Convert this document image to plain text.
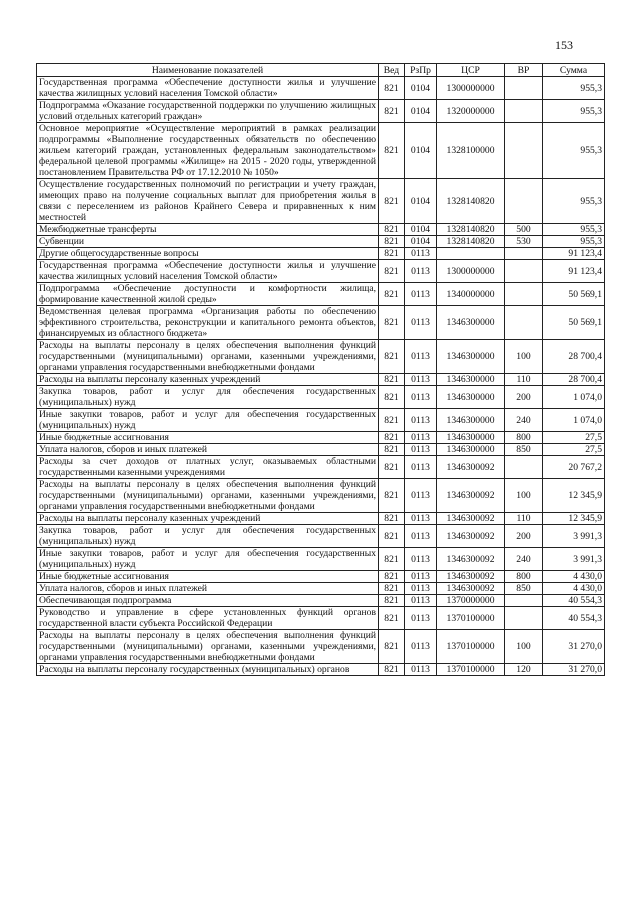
153
Наименование показателей	Вед	РзПр	ЦСР	ВР	Сумма
Государственная программа «Обеспечение доступности жилья и улучшение качества жилищных условий населения Томской области»	821	0104	1300000000		955,3
Подпрограмма «Оказание государственной поддержки по улучшению жилищных условий отдельных категорий граждан»	821	0104	1320000000		955,3
Основное мероприятие «Осуществление мероприятий в рамках реализации подпрограммы «Выполнение государственных обязательств по обеспечению жильем категорий граждан, установленных федеральным законодательством» федеральной целевой программы «Жилище» на 2015 - 2020 годы, утвержденной постановлением Правительства РФ от 17.12.2010 № 1050»	821	0104	1328100000		955,3
Осуществление государственных полномочий по регистрации и учету граждан, имеющих право на получение социальных выплат для приобретения жилья в связи с переселением из районов Крайнего Севера и приравненных к ним местностей	821	0104	1328140820		955,3
Межбюджетные трансферты	821	0104	1328140820	500	955,3
Субвенции	821	0104	1328140820	530	955,3
Другие общегосударственные вопросы	821	0113			91 123,4
Государственная программа «Обеспечение доступности жилья и улучшение качества жилищных условий населения Томской области»	821	0113	1300000000		91 123,4
Подпрограмма «Обеспечение доступности и комфортности жилища, формирование качественной жилой среды»	821	0113	1340000000		50 569,1
Ведомственная целевая программа «Организация работы по обеспечению эффективного строительства, реконструкции и капитального ремонта объектов, финансируемых из областного бюджета»	821	0113	1346300000		50 569,1
Расходы на выплаты персоналу в целях обеспечения выполнения функций государственными (муниципальными) органами, казенными учреждениями, органами управления государственными внебюджетными фондами	821	0113	1346300000	100	28 700,4
Расходы на выплаты персоналу казенных учреждений	821	0113	1346300000	110	28 700,4
Закупка товаров, работ и услуг для обеспечения государственных (муниципальных) нужд	821	0113	1346300000	200	1 074,0
Иные закупки товаров, работ и услуг для обеспечения государственных (муниципальных) нужд	821	0113	1346300000	240	1 074,0
Иные бюджетные ассигнования	821	0113	1346300000	800	27,5
Уплата налогов, сборов и иных платежей	821	0113	1346300000	850	27,5
Расходы за счет доходов от платных услуг, оказываемых областными государственными казенными учреждениями	821	0113	1346300092		20 767,2
Расходы на выплаты персоналу в целях обеспечения выполнения функций государственными (муниципальными) органами, казенными учреждениями, органами управления государственными внебюджетными фондами	821	0113	1346300092	100	12 345,9
Расходы на выплаты персоналу казенных учреждений	821	0113	1346300092	110	12 345,9
Закупка товаров, работ и услуг для обеспечения государственных (муниципальных) нужд	821	0113	1346300092	200	3 991,3
Иные закупки товаров, работ и услуг для обеспечения государственных (муниципальных) нужд	821	0113	1346300092	240	3 991,3
Иные бюджетные ассигнования	821	0113	1346300092	800	4 430,0
Уплата налогов, сборов и иных платежей	821	0113	1346300092	850	4 430,0
Обеспечивающая подпрограмма	821	0113	1370000000		40 554,3
Руководство и управление в сфере установленных функций органов государственной власти субъекта Российской Федерации	821	0113	1370100000		40 554,3
Расходы на выплаты персоналу в целях обеспечения выполнения функций государственными (муниципальными) органами, казенными учреждениями, органами управления государственными внебюджетными фондами	821	0113	1370100000	100	31 270,0
Расходы на выплаты персоналу государственных (муниципальных) органов	821	0113	1370100000	120	31 270,0
